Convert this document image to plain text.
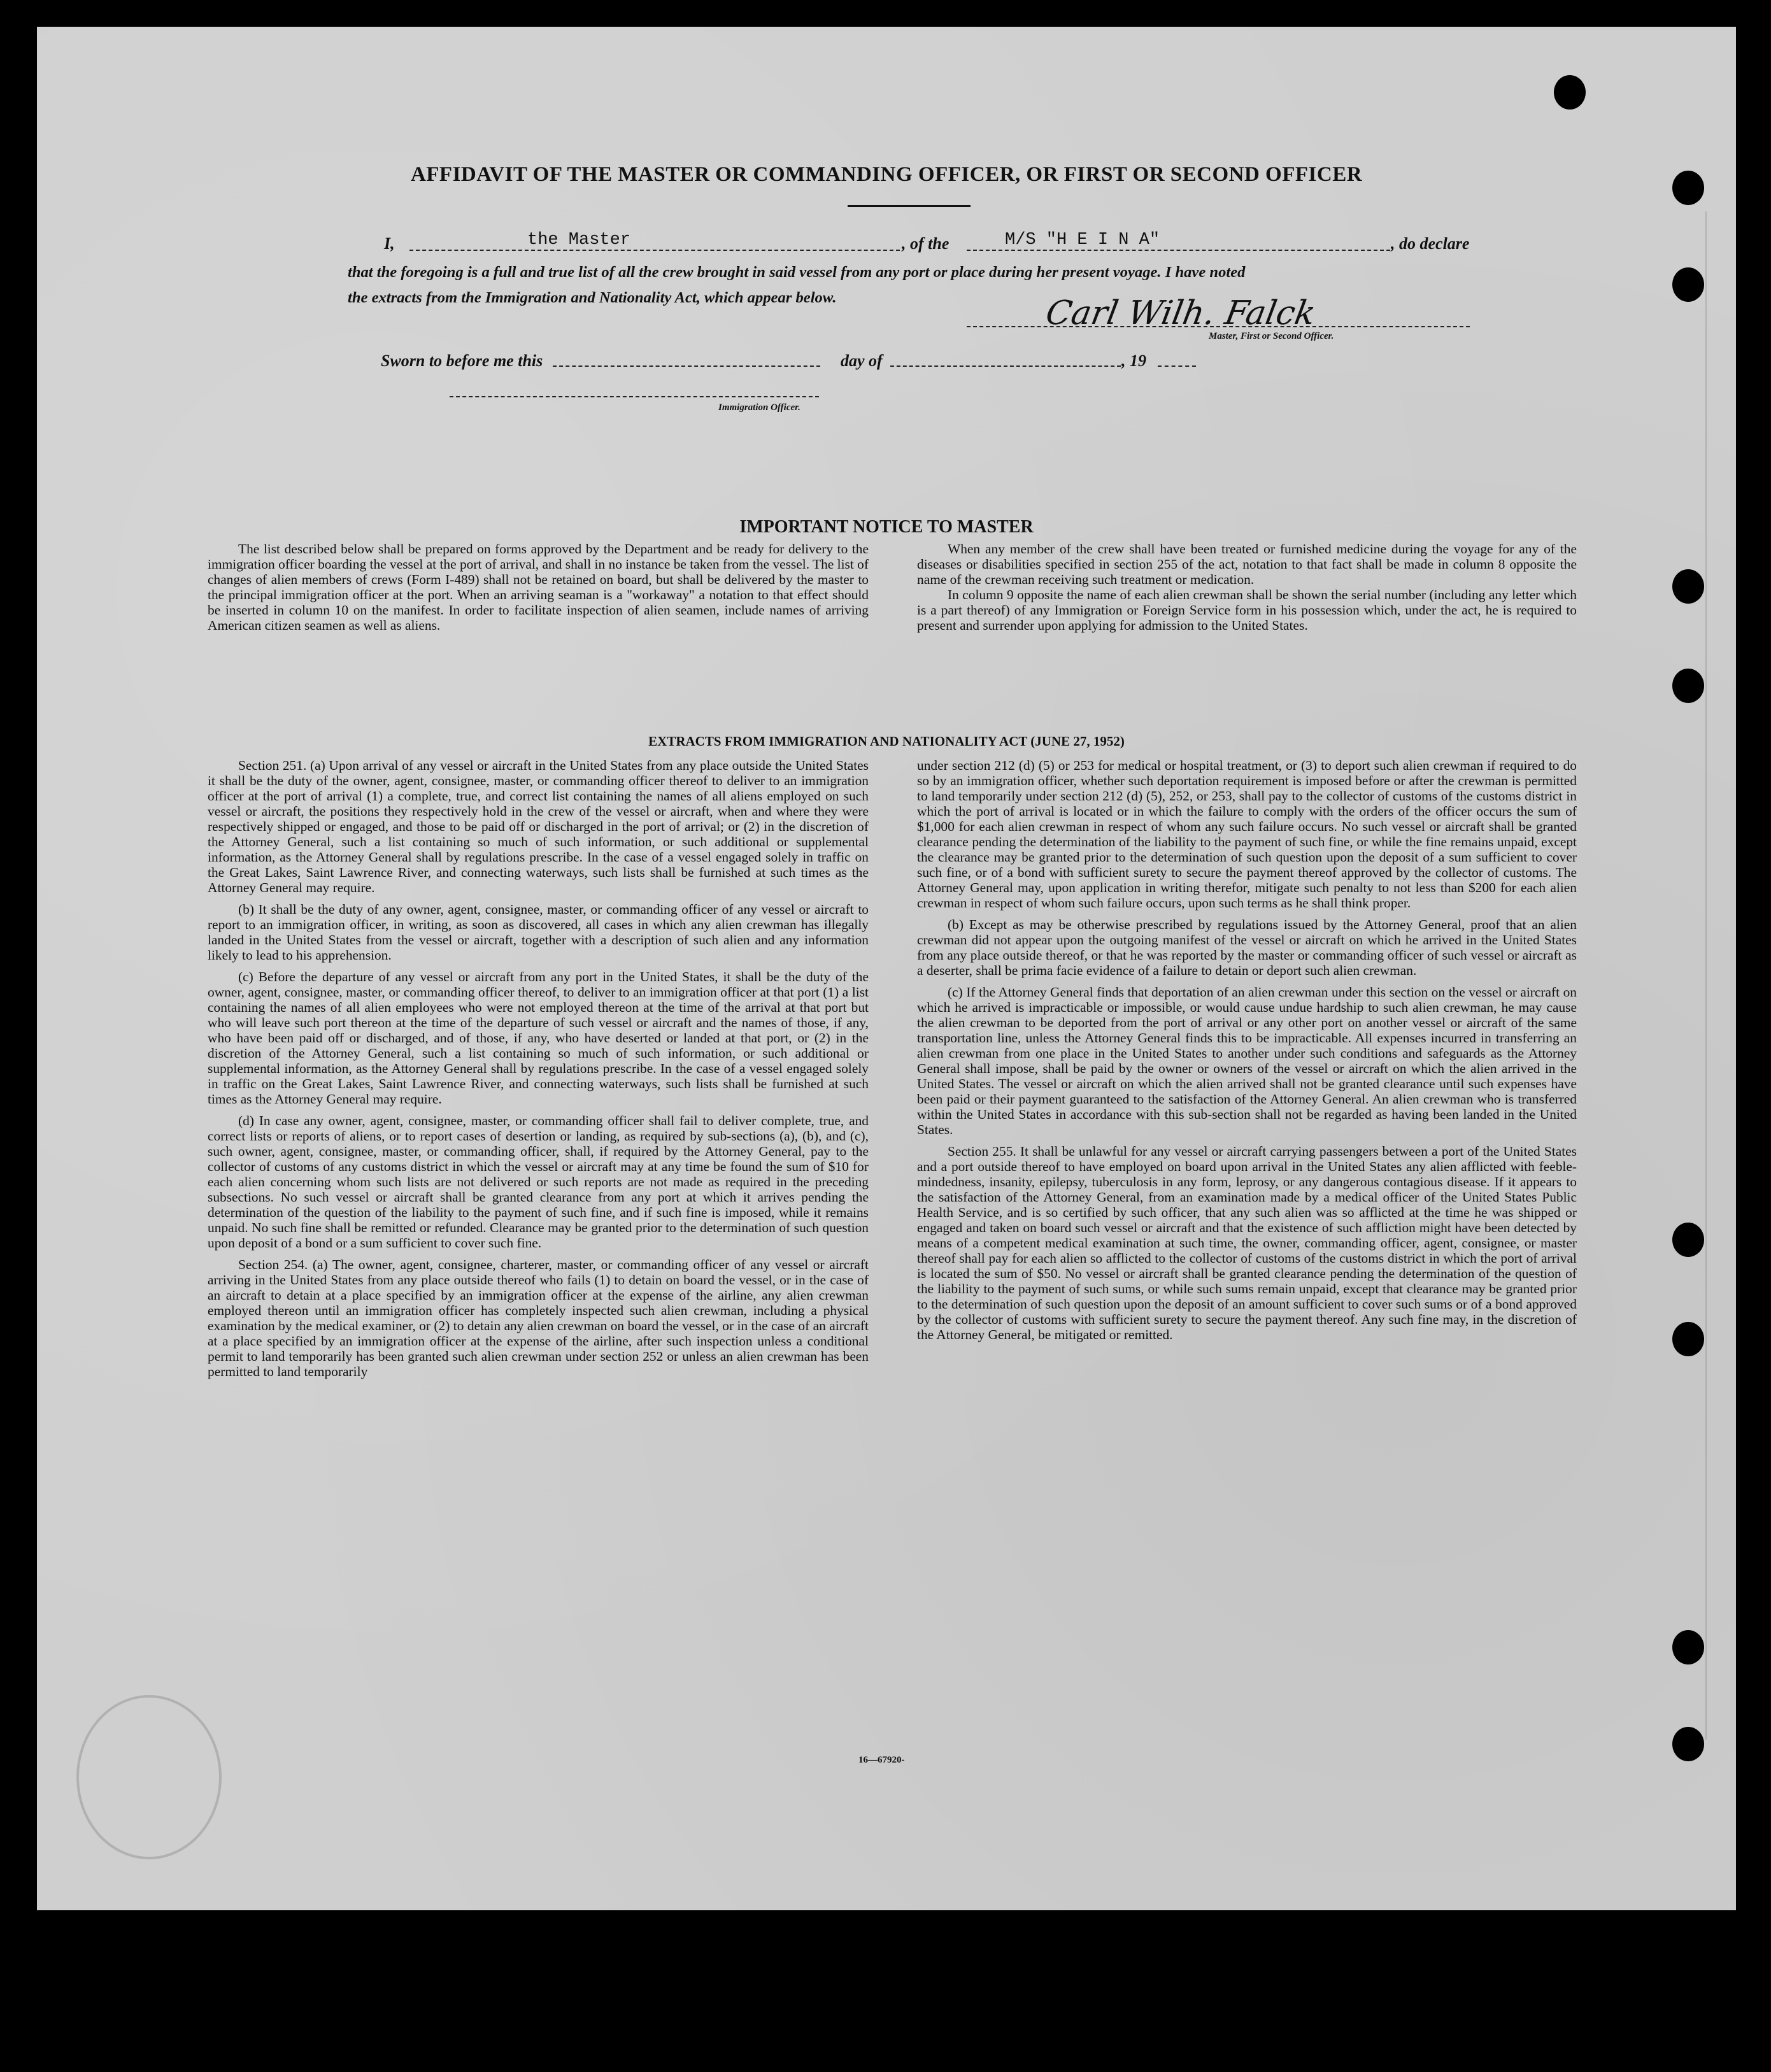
AFFIDAVIT OF THE MASTER OR COMMANDING OFFICER, OR FIRST OR SECOND OFFICER
I,	the Master	, of the	M/S "H E I N A"	, do declare
that the foregoing is a full and true list of all the crew brought in said vessel from any port or place during her present voyage. I have noted
the extracts from the Immigration and Nationality Act, which appear below.	Carl Wilh. Falck
Master, First or Second Officer.
Sworn to before me this	day of	, 19
Immigration Officer.
IMPORTANT NOTICE TO MASTER

The list described below shall be prepared on forms approved by the Department and be ready for delivery to the immigration officer boarding the vessel at the port of arrival, and shall in no instance be taken from the vessel. The list of changes of alien members of crews (Form I-489) shall not be retained on board, but shall be delivered by the master to the principal immigration officer at the port. When an arriving seaman is a "workaway" a notation to that effect should be inserted in column 10 on the manifest. In order to facilitate inspection of alien seamen, include names of arriving American citizen seamen as well as aliens.

When any member of the crew shall have been treated or furnished medicine during the voyage for any of the diseases or disabilities specified in section 255 of the act, notation to that fact shall be made in column 8 opposite the name of the crewman receiving such treatment or medication.

In column 9 opposite the name of each alien crewman shall be shown the serial number (including any letter which is a part thereof) of any Immigration or Foreign Service form in his possession which, under the act, he is required to present and surrender upon applying for admission to the United States.

EXTRACTS FROM IMMIGRATION AND NATIONALITY ACT (JUNE 27, 1952)

Section 251. (a) Upon arrival of any vessel or aircraft in the United States from any place outside the United States it shall be the duty of the owner, agent, consignee, master, or commanding officer thereof to deliver to an immigration officer at the port of arrival (1) a complete, true, and correct list containing the names of all aliens employed on such vessel or aircraft, the positions they respectively hold in the crew of the vessel or aircraft, when and where they were respectively shipped or engaged, and those to be paid off or discharged in the port of arrival; or (2) in the discretion of the Attorney General, such a list containing so much of such information, or such additional or supplemental information, as the Attorney General shall by regulations prescribe. In the case of a vessel engaged solely in traffic on the Great Lakes, Saint Lawrence River, and connecting waterways, such lists shall be furnished at such times as the Attorney General may require.

(b) It shall be the duty of any owner, agent, consignee, master, or commanding officer of any vessel or aircraft to report to an immigration officer, in writing, as soon as discovered, all cases in which any alien crewman has illegally landed in the United States from the vessel or aircraft, together with a description of such alien and any information likely to lead to his apprehension.

(c) Before the departure of any vessel or aircraft from any port in the United States, it shall be the duty of the owner, agent, consignee, master, or commanding officer thereof, to deliver to an immigration officer at that port (1) a list containing the names of all alien employees who were not employed thereon at the time of the arrival at that port but who will leave such port thereon at the time of the departure of such vessel or aircraft and the names of those, if any, who have been paid off or discharged, and of those, if any, who have deserted or landed at that port, or (2) in the discretion of the Attorney General, such a list containing so much of such information, or such additional or supplemental information, as the Attorney General shall by regulations prescribe. In the case of a vessel engaged solely in traffic on the Great Lakes, Saint Lawrence River, and connecting waterways, such lists shall be furnished at such times as the Attorney General may require.

(d) In case any owner, agent, consignee, master, or commanding officer shall fail to deliver complete, true, and correct lists or reports of aliens, or to report cases of desertion or landing, as required by sub-sections (a), (b), and (c), such owner, agent, consignee, master, or commanding officer, shall, if required by the Attorney General, pay to the collector of customs of any customs district in which the vessel or aircraft may at any time be found the sum of $10 for each alien concerning whom such lists are not delivered or such reports are not made as required in the preceding subsections. No such vessel or aircraft shall be granted clearance from any port at which it arrives pending the determination of the question of the liability to the payment of such fine, and if such fine is imposed, while it remains unpaid. No such fine shall be remitted or refunded. Clearance may be granted prior to the determination of such question upon deposit of a bond or a sum sufficient to cover such fine.

Section 254. (a) The owner, agent, consignee, charterer, master, or commanding officer of any vessel or aircraft arriving in the United States from any place outside thereof who fails (1) to detain on board the vessel, or in the case of an aircraft to detain at a place specified by an immigration officer at the expense of the airline, any alien crewman employed thereon until an immigration officer has completely inspected such alien crewman, including a physical examination by the medical examiner, or (2) to detain any alien crewman on board the vessel, or in the case of an aircraft at a place specified by an immigration officer at the expense of the airline, after such inspection unless a conditional permit to land temporarily has been granted such alien crewman under section 252 or unless an alien crewman has been permitted to land temporarily

under section 212 (d) (5) or 253 for medical or hospital treatment, or (3) to deport such alien crewman if required to do so by an immigration officer, whether such deportation requirement is imposed before or after the crewman is permitted to land temporarily under section 212 (d) (5), 252, or 253, shall pay to the collector of customs of the customs district in which the port of arrival is located or in which the failure to comply with the orders of the officer occurs the sum of $1,000 for each alien crewman in respect of whom any such failure occurs. No such vessel or aircraft shall be granted clearance pending the determination of the liability to the payment of such fine, or while the fine remains unpaid, except the clearance may be granted prior to the determination of such question upon the deposit of a sum sufficient to cover such fine, or of a bond with sufficient surety to secure the payment thereof approved by the collector of customs. The Attorney General may, upon application in writing therefor, mitigate such penalty to not less than $200 for each alien crewman in respect of whom such failure occurs, upon such terms as he shall think proper.

(b) Except as may be otherwise prescribed by regulations issued by the Attorney General, proof that an alien crewman did not appear upon the outgoing manifest of the vessel or aircraft on which he arrived in the United States from any place outside thereof, or that he was reported by the master or commanding officer of such vessel or aircraft as a deserter, shall be prima facie evidence of a failure to detain or deport such alien crewman.

(c) If the Attorney General finds that deportation of an alien crewman under this section on the vessel or aircraft on which he arrived is impracticable or impossible, or would cause undue hardship to such alien crewman, he may cause the alien crewman to be deported from the port of arrival or any other port on another vessel or aircraft of the same transportation line, unless the Attorney General finds this to be impracticable. All expenses incurred in transferring an alien crewman from one place in the United States to another under such conditions and safeguards as the Attorney General shall impose, shall be paid by the owner or owners of the vessel or aircraft on which the alien arrived in the United States. The vessel or aircraft on which the alien arrived shall not be granted clearance until such expenses have been paid or their payment guaranteed to the satisfaction of the Attorney General. An alien crewman who is transferred within the United States in accordance with this sub-section shall not be regarded as having been landed in the United States.

Section 255. It shall be unlawful for any vessel or aircraft carrying passengers between a port of the United States and a port outside thereof to have employed on board upon arrival in the United States any alien afflicted with feeble-mindedness, insanity, epilepsy, tuberculosis in any form, leprosy, or any dangerous contagious disease. If it appears to the satisfaction of the Attorney General, from an examination made by a medical officer of the United States Public Health Service, and is so certified by such officer, that any such alien was so afflicted at the time he was shipped or engaged and taken on board such vessel or aircraft and that the existence of such affliction might have been detected by means of a competent medical examination at such time, the owner, commanding officer, agent, consignee, or master thereof shall pay for each alien so afflicted to the collector of customs of the customs district in which the port of arrival is located the sum of $50. No vessel or aircraft shall be granted clearance pending the determination of the question of the liability to the payment of such sums, or while such sums remain unpaid, except that clearance may be granted prior to the determination of such question upon the deposit of an amount sufficient to cover such sums or of a bond approved by the collector of customs with sufficient surety to secure the payment thereof. Any such fine may, in the discretion of the Attorney General, be mitigated or remitted.

16—67920-
